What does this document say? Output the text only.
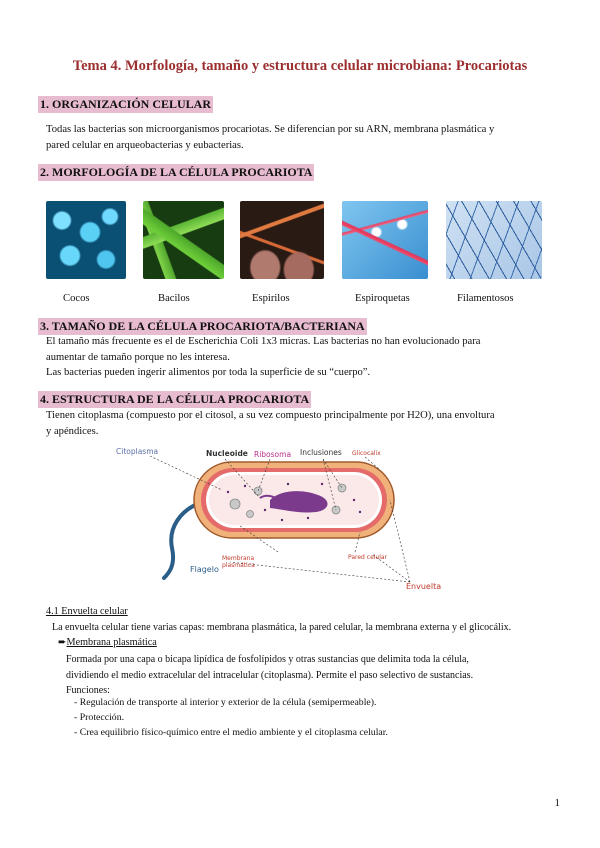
Tema 4. Morfología, tamaño y estructura celular microbiana: Procariotas
1. ORGANIZACIÓN CELULAR
Todas las bacterias son microorganismos procariotas. Se diferencian por su ARN, membrana plasmática y
pared celular en arqueobacterias y eubacterias.
2. MORFOLOGÍA DE LA CÉLULA PROCARIOTA
Cocos	Bacilos	Espirilos	Espiroquetas	Filamentosos
3. TAMAÑO DE LA CÉLULA PROCARIOTA/BACTERIANA
El tamaño más frecuente es el de Escherichia Coli 1x3 micras. Las bacterias no han evolucionado para
aumentar de tamaño porque no les interesa.
Las bacterias pueden ingerir alimentos por toda la superficie de su “cuerpo”.
4. ESTRUCTURA DE LA CÉLULA PROCARIOTA
Tienen citoplasma (compuesto por el citosol, a su vez compuesto principalmente por H2O), una envoltura
y apéndices.
Citoplasma	Nucleoide Ribosoma Inclusiones Glicocalix
Membrana
plasmática
Pared celular
Flagelo
Envuelta
4.1 Envuelta celular
La envuelta celular tiene varias capas: membrana plasmática, la pared celular, la membrana externa y el glicocálix.
➨Membrana plasmática
Formada por una capa o bicapa lipídica de fosfolípidos y otras sustancias que delimita toda la célula,
dividiendo el medio extracelular del intracelular (citoplasma). Permite el paso selectivo de sustancias.
Funciones:
- Regulación de transporte al interior y exterior de la célula (semipermeable).
- Protección.
- Crea equilibrio físico-químico entre el medio ambiente y el citoplasma celular.
1
